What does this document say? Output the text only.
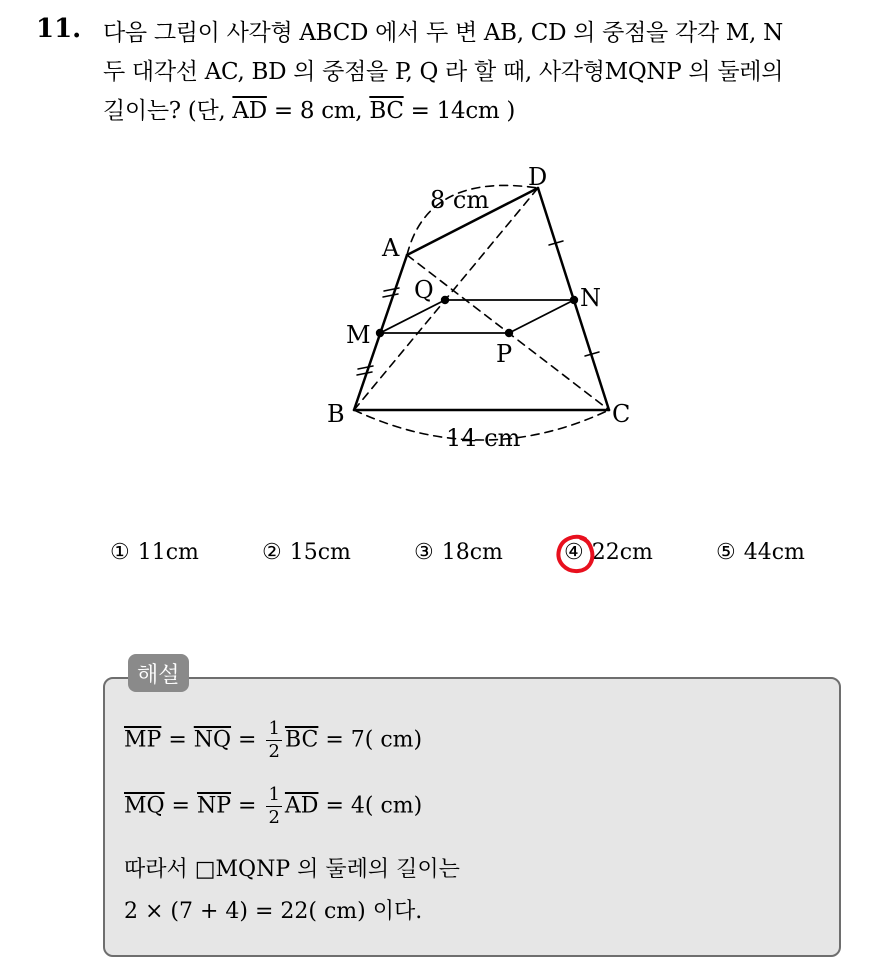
11. 다음 그림이 사각형 ABCD 에서 두 변 AB, CD 의 중점을 각각 M, N
두 대각선 AC, BD 의 중점을 P, Q 라 할 때, 사각형MQNP 의 둘레의
길이는? (단, $\overline{AD} = 8$ cm, $\overline{BC} = 14cm$ )
A
B	C
D
M
N
P
Q
8 cm
14 cm
① 11cm	② 15cm	③ 18cm	④ 22cm	⑤ 44cm
해설
$\overline{MP} = \overline{NQ} = \frac{1}{2} \overline{BC} = 7$( cm)
$\overline{MQ} = \overline{NP} = \frac{1}{2} \overline{AD} = 4$( cm)
따라서 □MQNP 의 둘레의 길이는
2 × (7 + 4) = 22( cm) 이다.
